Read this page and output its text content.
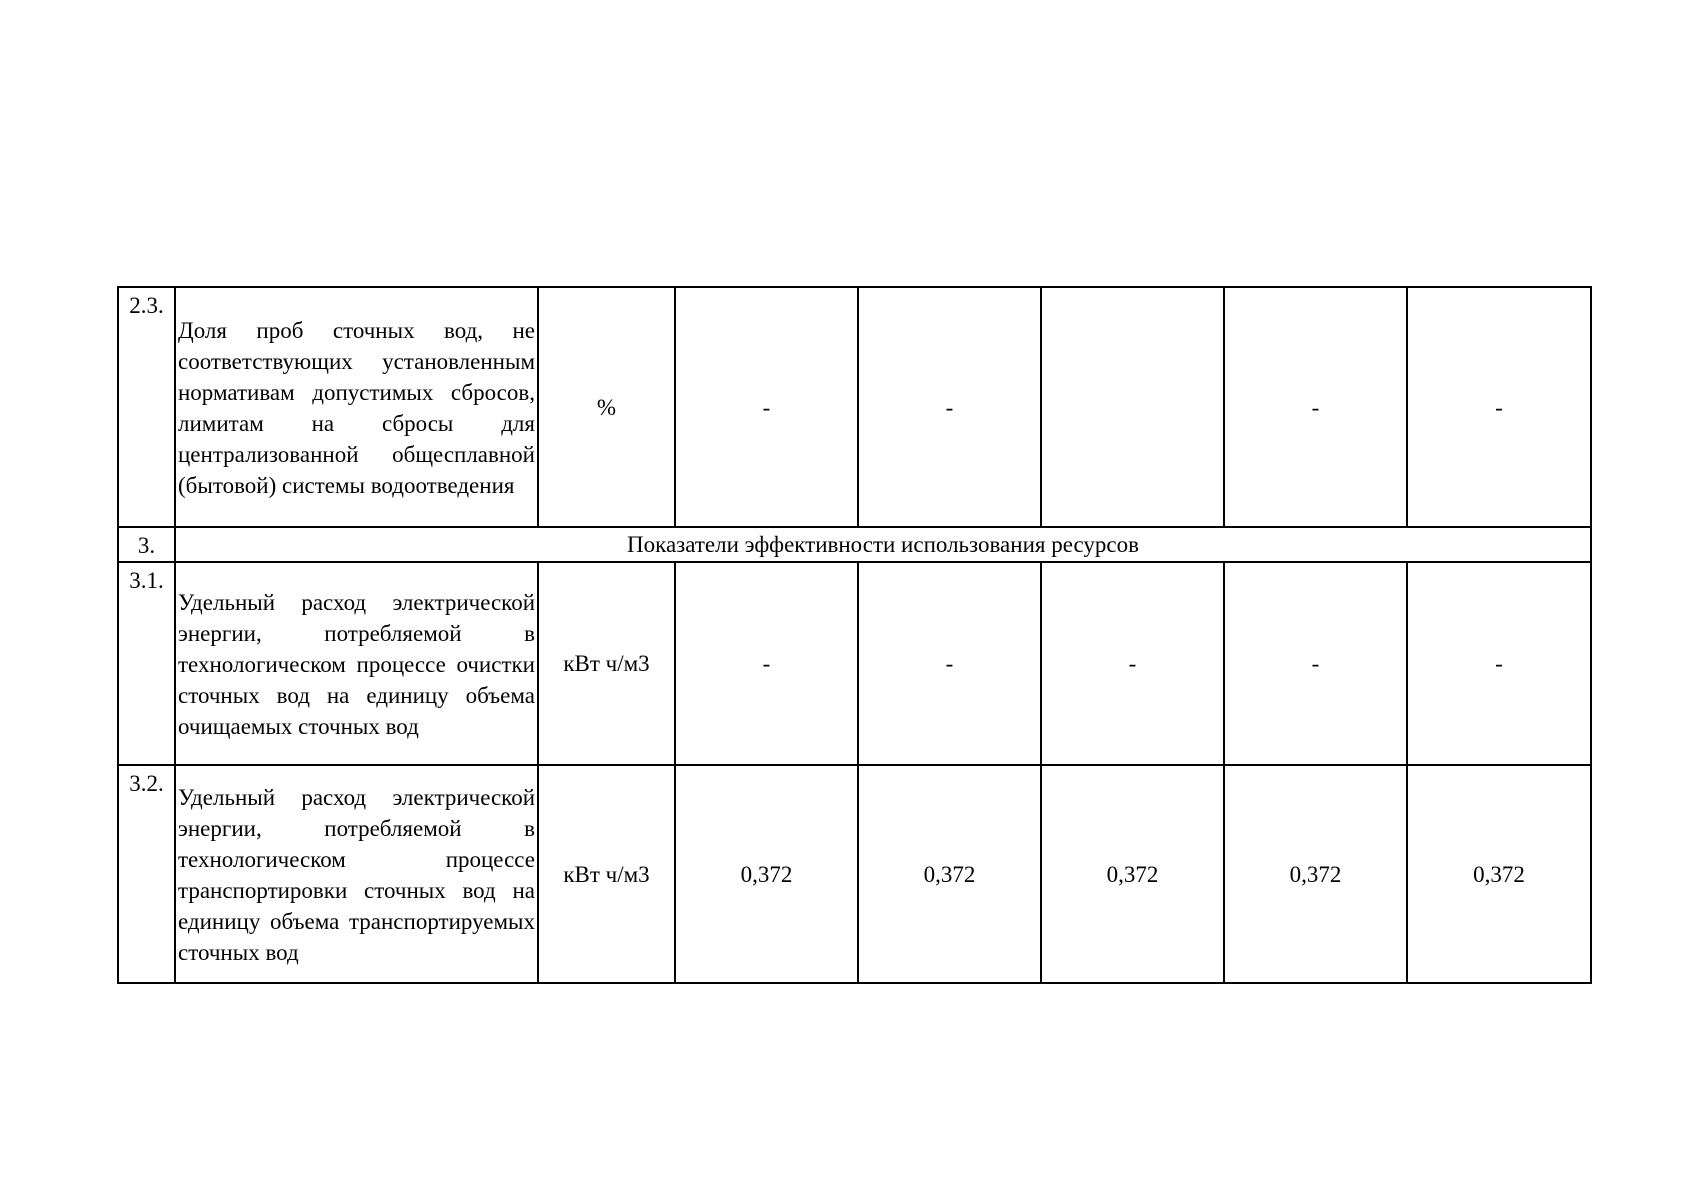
2.3.	Доля проб сточных вод, не соответствующих установленным нормативам допустимых сбросов, лимитам на сбросы для централизованной общесплавной (бытовой) системы водоотведения	%	-	-		-	-
3.	Показатели эффективности использования ресурсов						
3.1.	Удельный расход электрической энергии, потребляемой в технологическом процессе очистки сточных вод на единицу объема очищаемых сточных вод	кВт ч/м3	-	-	-	-	-
3.2.	Удельный расход электрической энергии, потребляемой в технологическом процессе транспортировки сточных вод на единицу объема транспортируемых сточных вод	кВт ч/м3	0,372	0,372	0,372	0,372	0,372
